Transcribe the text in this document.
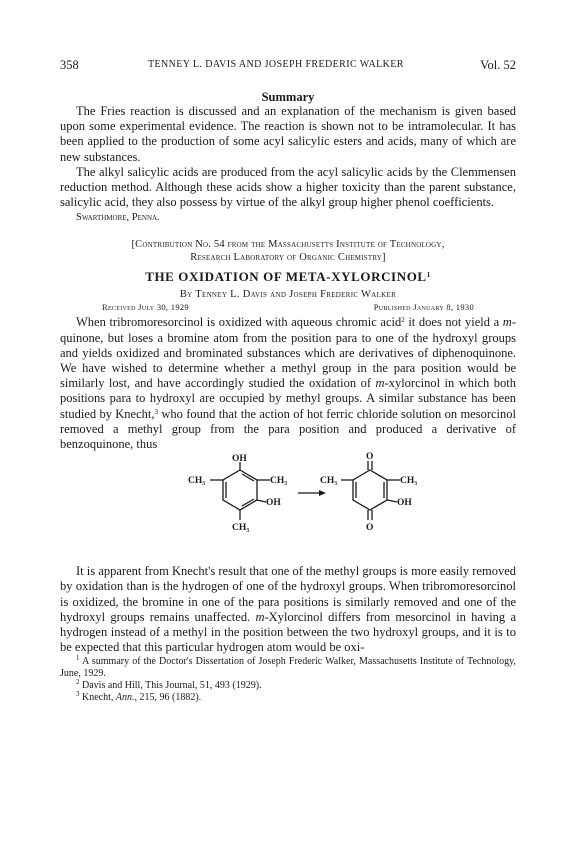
358	TENNEY L. DAVIS AND JOSEPH FREDERIC WALKER	Vol. 52
Summary

The Fries reaction is discussed and an explanation of the mechanism is given based upon some experimental evidence. The reaction is shown not to be intramolecular. It has been applied to the production of some acyl salicylic esters and acids, many of which are new substances.

The alkyl salicylic acids are produced from the acyl salicylic acids by the Clemmensen reduction method. Although these acids show a higher toxicity than the parent substance, salicylic acid, they also possess by virtue of the alkyl group higher phenol coefficients.

Swarthmore, Penna.
[Contribution No. 54 from the Massachusetts Institute of Technology,
Research Laboratory of Organic Chemistry]
THE OXIDATION OF META-XYLORCINOL$^1$
By Tenney L. Davis and Joseph Frederic Walker
Received July 30, 1929	Published January 8, 1930

When tribromoresorcinol is oxidized with aqueous chromic acid$^2$ it does not yield a m-quinone, but loses a bromine atom from the position para to one of the hydroxyl groups and yields oxidized and brominated substances which are derivatives of diphenoquinone. We have wished to determine whether a methyl group in the para position would be similarly lost, and have accordingly studied the oxidation of m-xylorcinol in which both positions para to hydroxyl are occupied by methyl groups. A similar substance has been studied by Knecht,$^3$ who found that the action of hot ferric chloride solution on mesorcinol removed a methyl group from the para position and produced a derivative of benzoquinone, thus

OH
CH₃	CH₃
OH
CH₃
O
CH₃	CH₃
OH
O

It is apparent from Knecht's result that one of the methyl groups is more easily removed by oxidation than is the hydrogen of one of the hydroxyl groups. When tribromoresorcinol is oxidized, the bromine in one of the para positions is similarly removed and one of the hydroxyl groups remains unaffected. m-Xylorcinol differs from mesorcinol in having a hydrogen instead of a methyl in the position between the two hydroxyl groups, and it is to be expected that this particular hydrogen atom would be oxi-

$^1$ A summary of the Doctor's Dissertation of Joseph Frederic Walker, Massachusetts Institute of Technology, June, 1929.
$^2$ Davis and Hill, This Journal, 51, 493 (1929).
$^3$ Knecht, Ann., 215, 96 (1882).
